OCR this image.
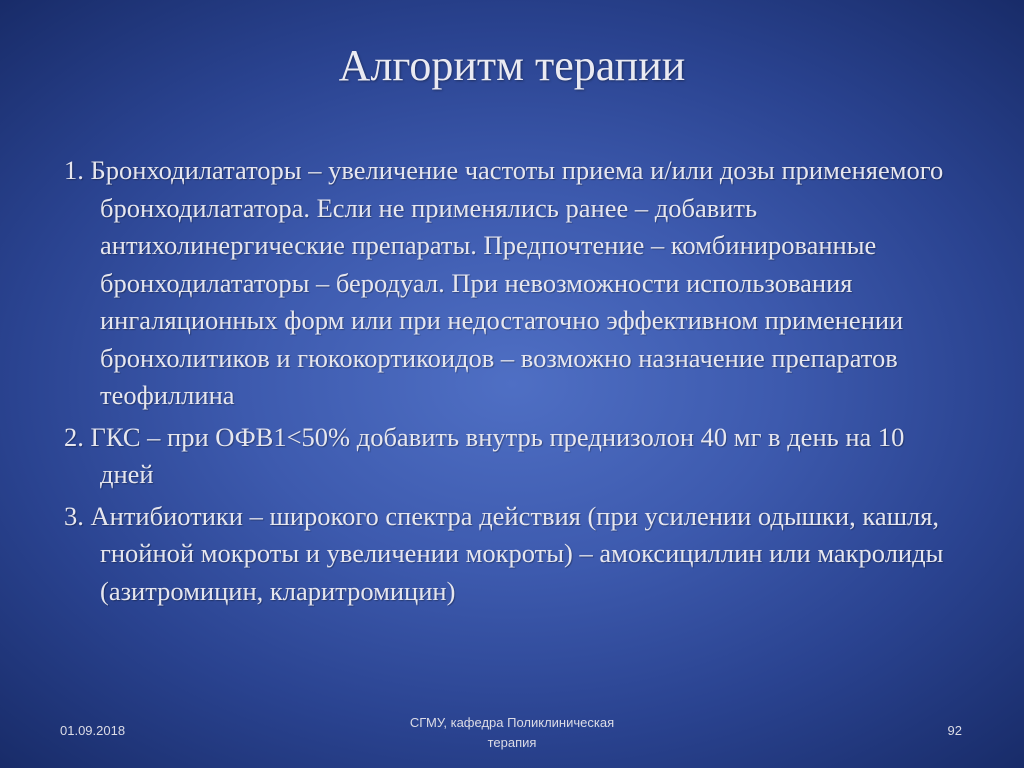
Алгоритм терапии
1. Бронходилататоры – увеличение частоты приема и/или дозы применяемого бронходилататора. Если не применялись ранее – добавить антихолинергические препараты. Предпочтение – комбинированные бронходилататоры – беродуал. При невозможности использования ингаляционных форм или при недостаточно эффективном применении бронхолитиков и гюкокортикоидов – возможно назначение препаратов теофиллина
2. ГКС – при ОФВ1<50% добавить внутрь преднизолон 40 мг в день на 10 дней
3. Антибиотики – широкого спектра действия (при усилении одышки, кашля, гнойной мокроты и увеличении мокроты) – амоксициллин или макролиды (азитромицин, кларитромицин)
01.09.2018
СГМУ, кафедра Поликлиническая
терапия
92
